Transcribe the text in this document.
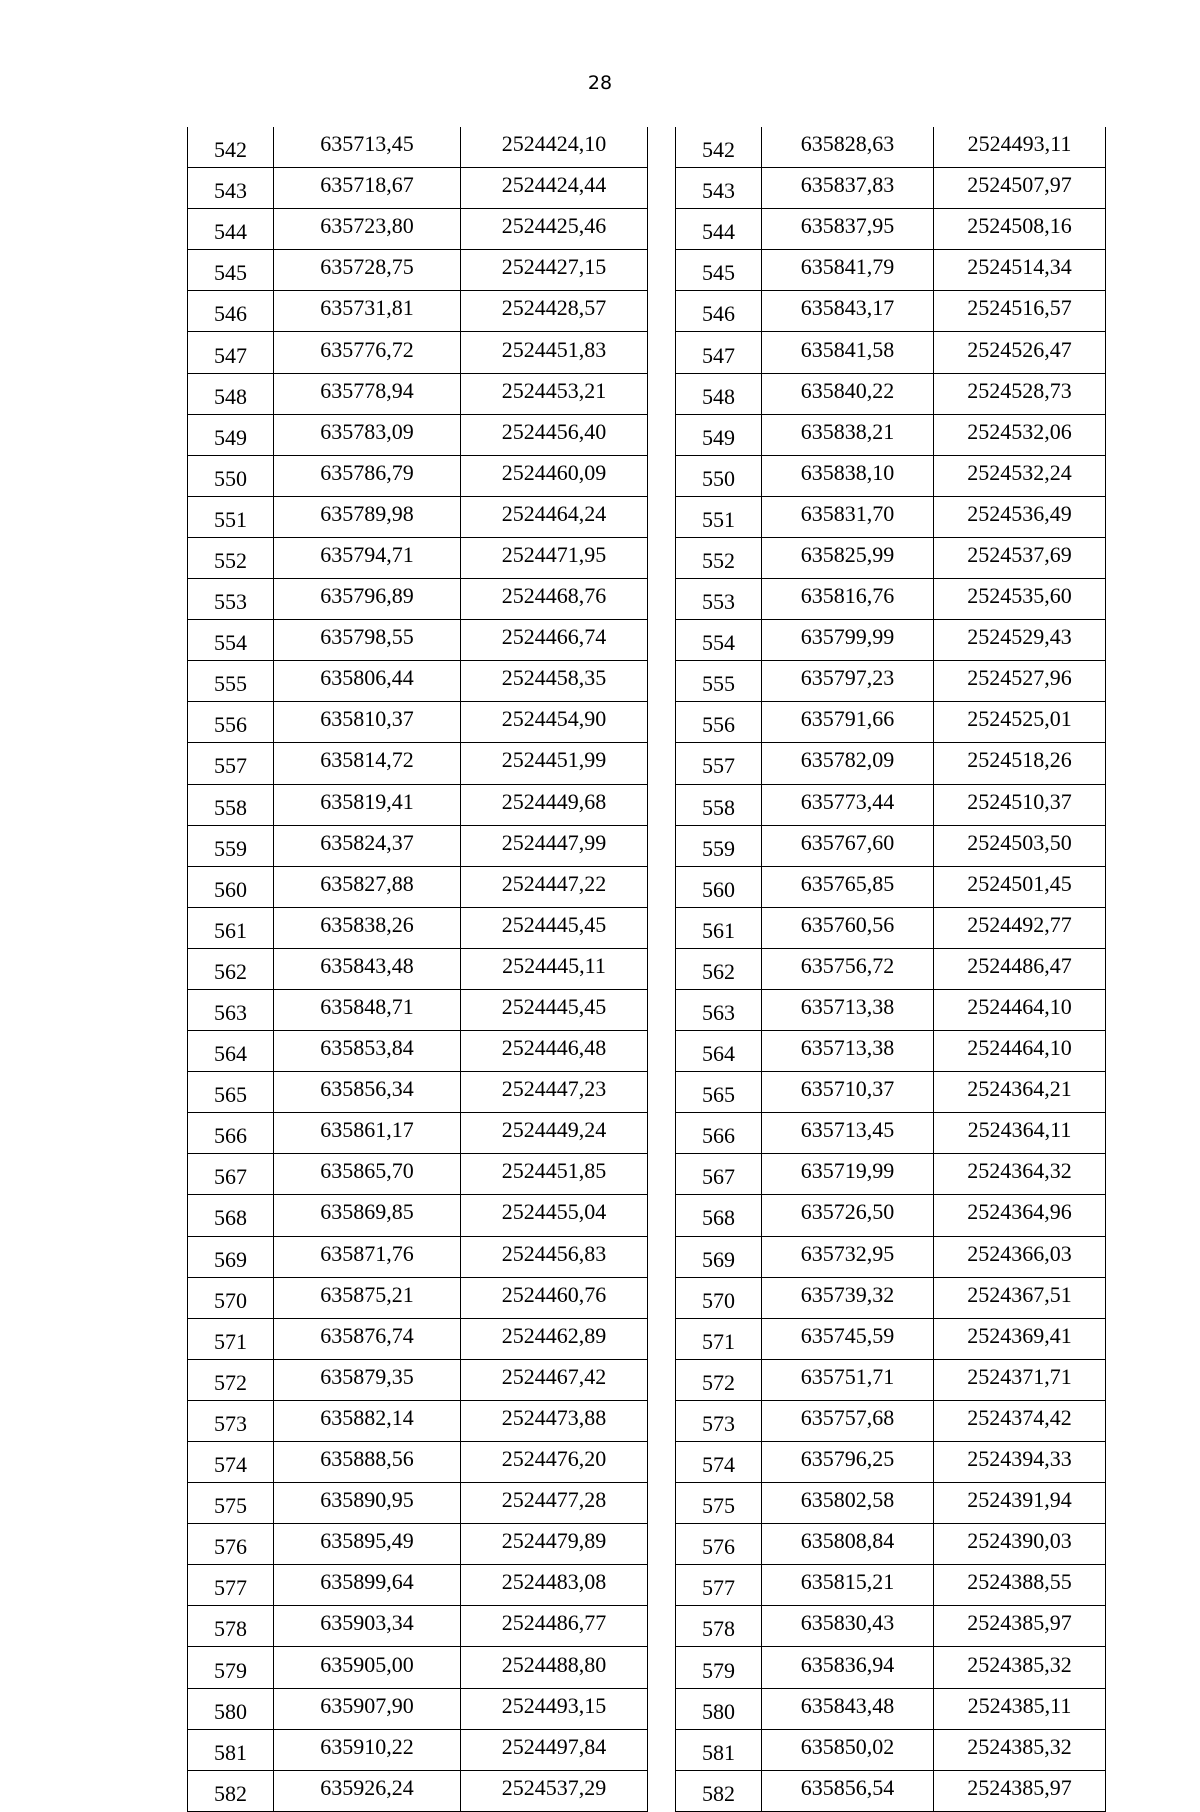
28
542	635713,45	2524424,10
543	635718,67	2524424,44
544	635723,80	2524425,46
545	635728,75	2524427,15
546	635731,81	2524428,57
547	635776,72	2524451,83
548	635778,94	2524453,21
549	635783,09	2524456,40
550	635786,79	2524460,09
551	635789,98	2524464,24
552	635794,71	2524471,95
553	635796,89	2524468,76
554	635798,55	2524466,74
555	635806,44	2524458,35
556	635810,37	2524454,90
557	635814,72	2524451,99
558	635819,41	2524449,68
559	635824,37	2524447,99
560	635827,88	2524447,22
561	635838,26	2524445,45
562	635843,48	2524445,11
563	635848,71	2524445,45
564	635853,84	2524446,48
565	635856,34	2524447,23
566	635861,17	2524449,24
567	635865,70	2524451,85
568	635869,85	2524455,04
569	635871,76	2524456,83
570	635875,21	2524460,76
571	635876,74	2524462,89
572	635879,35	2524467,42
573	635882,14	2524473,88
574	635888,56	2524476,20
575	635890,95	2524477,28
576	635895,49	2524479,89
577	635899,64	2524483,08
578	635903,34	2524486,77
579	635905,00	2524488,80
580	635907,90	2524493,15
581	635910,22	2524497,84
582	635926,24	2524537,29
542	635828,63	2524493,11
543	635837,83	2524507,97
544	635837,95	2524508,16
545	635841,79	2524514,34
546	635843,17	2524516,57
547	635841,58	2524526,47
548	635840,22	2524528,73
549	635838,21	2524532,06
550	635838,10	2524532,24
551	635831,70	2524536,49
552	635825,99	2524537,69
553	635816,76	2524535,60
554	635799,99	2524529,43
555	635797,23	2524527,96
556	635791,66	2524525,01
557	635782,09	2524518,26
558	635773,44	2524510,37
559	635767,60	2524503,50
560	635765,85	2524501,45
561	635760,56	2524492,77
562	635756,72	2524486,47
563	635713,38	2524464,10
564	635713,38	2524464,10
565	635710,37	2524364,21
566	635713,45	2524364,11
567	635719,99	2524364,32
568	635726,50	2524364,96
569	635732,95	2524366,03
570	635739,32	2524367,51
571	635745,59	2524369,41
572	635751,71	2524371,71
573	635757,68	2524374,42
574	635796,25	2524394,33
575	635802,58	2524391,94
576	635808,84	2524390,03
577	635815,21	2524388,55
578	635830,43	2524385,97
579	635836,94	2524385,32
580	635843,48	2524385,11
581	635850,02	2524385,32
582	635856,54	2524385,97
